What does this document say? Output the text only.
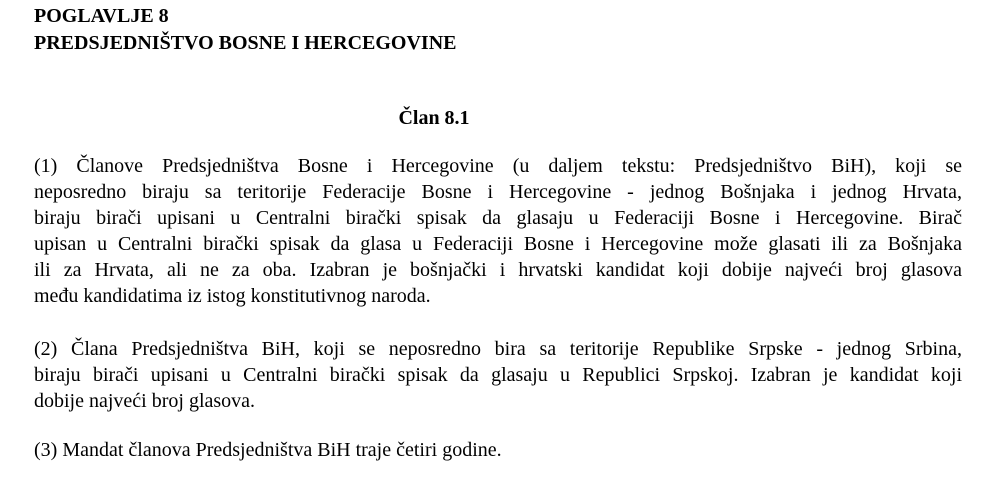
POGLAVLJE 8
PREDSJEDNIŠTVO BOSNE I HERCEGOVINE
Član 8.1
(1) Članove Predsjedništva Bosne i Hercegovine (u daljem tekstu: Predsjedništvo BiH), koji se
neposredno biraju sa teritorije Federacije Bosne i Hercegovine - jednog Bošnjaka i jednog Hrvata,
biraju birači upisani u Centralni birački spisak da glasaju u Federaciji Bosne i Hercegovine. Birač
upisan u Centralni birački spisak da glasa u Federaciji Bosne i Hercegovine može glasati ili za Bošnjaka
ili za Hrvata, ali ne za oba. Izabran je bošnjački i hrvatski kandidat koji dobije najveći broj glasova
među kandidatima iz istog konstitutivnog naroda.
(2) Člana Predsjedništva BiH, koji se neposredno bira sa teritorije Republike Srpske - jednog Srbina,
biraju birači upisani u Centralni birački spisak da glasaju u Republici Srpskoj. Izabran je kandidat koji
dobije najveći broj glasova.
(3) Mandat članova Predsjedništva BiH traje četiri godine.
